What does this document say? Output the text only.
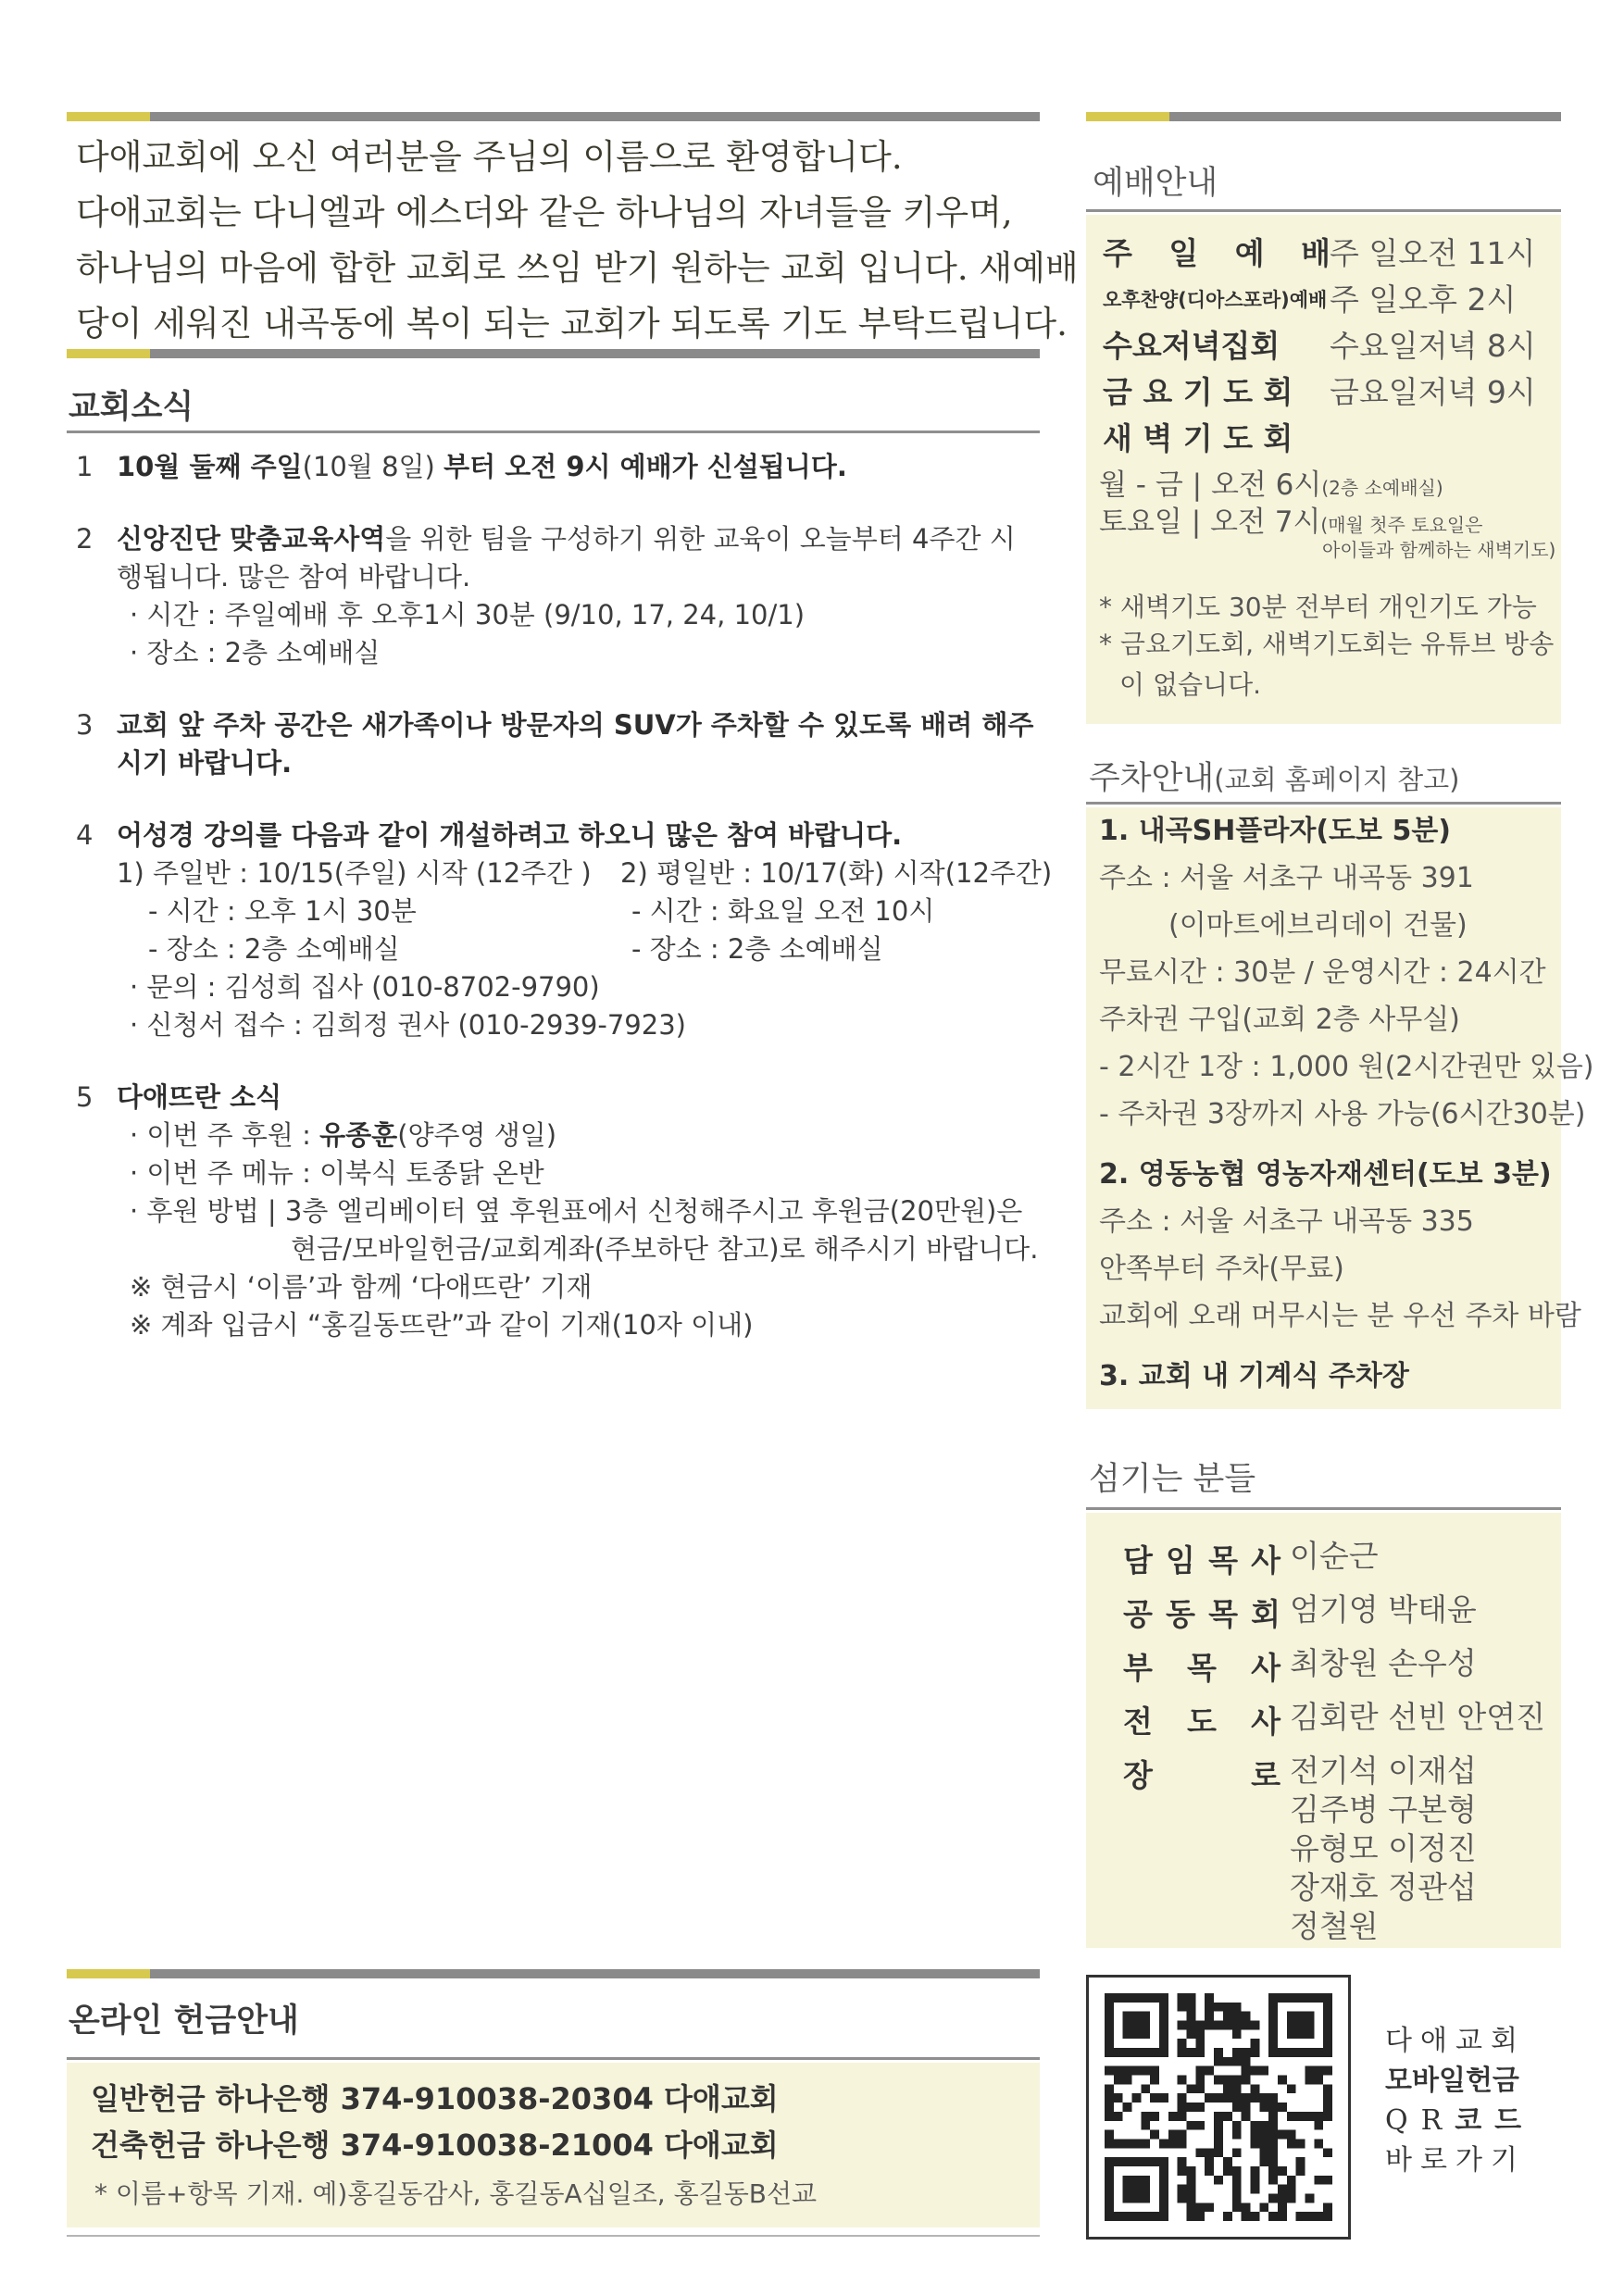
다애교회에 오신 여러분을 주님의 이름으로 환영합니다.

다애교회는 다니엘과 에스더와 같은 하나님의 자녀들을 키우며,

하나님의 마음에 합한 교회로 쓰임 받기 원하는 교회 입니다. 새예배

당이 세워진 내곡동에 복이 되는 교회가 되도록 기도 부탁드립니다.

교회소식
1 10월 둘째 주일(10월 8일) 부터 오전 9시 예배가 신설됩니다.
2 신앙진단 맞춤교육사역을 위한 팀을 구성하기 위한 교육이 오늘부터 4주간 시
행됩니다. 많은 참여 바랍니다.
· 시간 : 주일예배 후 오후1시 30분 (9/10, 17, 24, 10/1)
· 장소 : 2층 소예배실
3 교회 앞 주차 공간은 새가족이나 방문자의 SUV가 주차할 수 있도록 배려 해주
시기 바랍니다.
4 어성경 강의를 다음과 같이 개설하려고 하오니 많은 참여 바랍니다.
1) 주일반 : 10/15(주일) 시작 (12주간 ) 2) 평일반 : 10/17(화) 시작(12주간)
- 시간 : 오후 1시 30분	- 시간 : 화요일 오전 10시
- 장소 : 2층 소예배실	- 장소 : 2층 소예배실
· 문의 : 김성희 집사 (010-8702-9790)
· 신청서 접수 : 김희정 권사 (010-2939-7923)
5 다애뜨란 소식
· 이번 주 후원 : 유종훈(양주영 생일)
· 이번 주 메뉴 : 이북식 토종닭 온반
· 후원 방법 | 3층 엘리베이터 옆 후원표에서 신청해주시고 후원금(20만원)은
현금/모바일헌금/교회계좌(주보하단 참고)로 해주시기 바랍니다.
※ 현금시 ‘이름’과 함께 ‘다애뜨란’ 기재
※ 계좌 입금시 “홍길동뜨란”과 같이 기재(10자 이내)
예배안내
주 일 예 배
주 일오전 11시
오후찬양(디아스포라)예배 주 일오후 2시
수요저녁집회 수요일저녁 8시
금 요 기 도 회 금요일저녁 9시
새 벽 기 도 회
월 - 금 | 오전 6시(2층 소예배실)
토요일 | 오전 7시(매월 첫주 토요일은
아이들과 함께하는 새벽기도)
* 새벽기도 30분 전부터 개인기도 가능
* 금요기도회, 새벽기도회는 유튜브 방송
이 없습니다.
주차안내(교회 홈페이지 참고)
1. 내곡SH플라자(도보 5분)
주소 : 서울 서초구 내곡동 391
(이마트에브리데이 건물)
무료시간 : 30분 / 운영시간 : 24시간
주차권 구입(교회 2층 사무실)
- 2시간 1장 : 1,000 원(2시간권만 있음)
- 주차권 3장까지 사용 가능(6시간30분)
2. 영동농협 영농자재센터(도보 3분)
주소 : 서울 서초구 내곡동 335
안쪽부터 주차(무료)
교회에 오래 머무시는 분 우선 주차 바람
3. 교회 내 기계식 주차장
섬기는 분들
담 임 목 사 이순근
공 동 목 회 엄기영 박태윤
부 목 사 최창원 손우성
전 도 사 김회란 선빈 안연진
장	로 전기석 이재섭
김주병 구본형
유형모 이정진
장재호 정관섭
정철원
온라인 헌금안내
일반헌금 하나은행 374-910038-20304 다애교회
건축헌금 하나은행 374-910038-21004 다애교회
* 이름+항목 기재. 예)홍길동감사, 홍길동A십일조, 홍길동B선교
다애교회
모바일헌금
QR코드
바로가기
